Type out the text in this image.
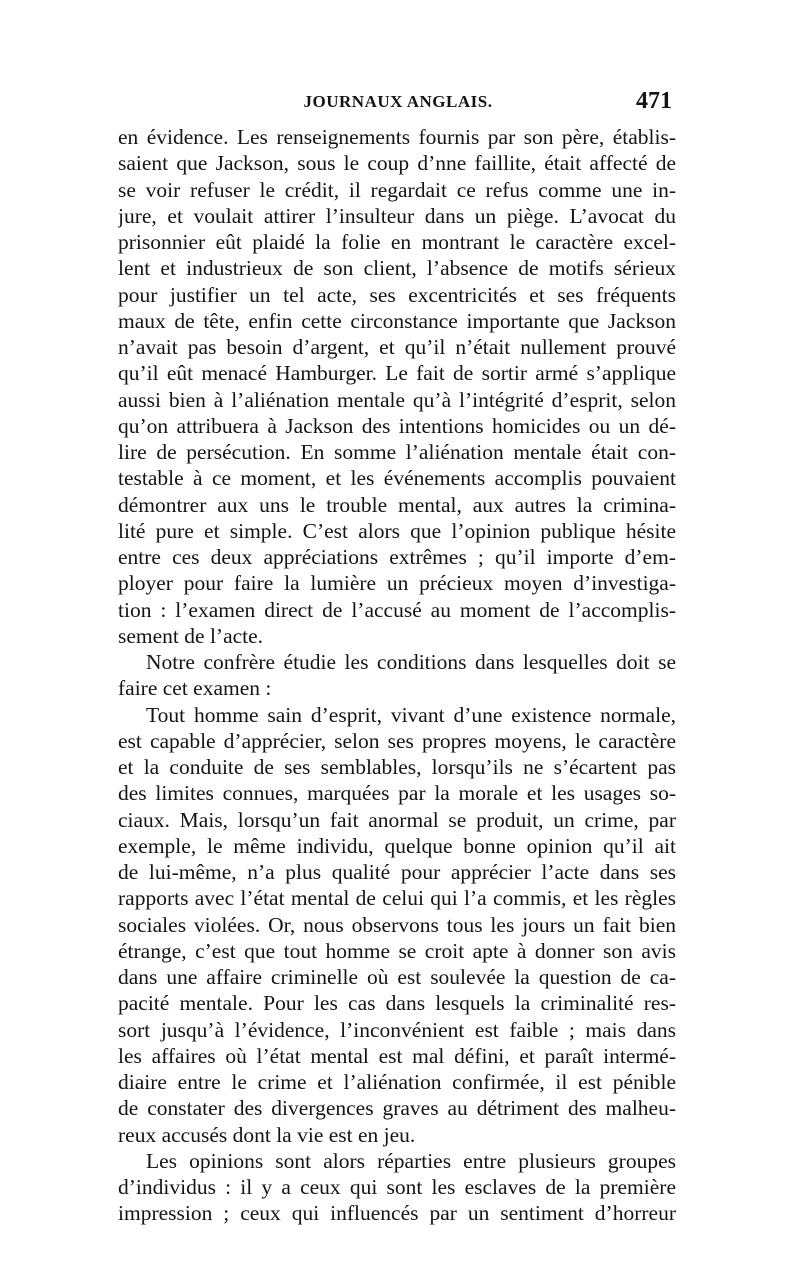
JOURNAUX ANGLAIS.	471
en évidence. Les renseignements fournis par son père, établis-
saient que Jackson, sous le coup d’nne faillite, était affecté de
se voir refuser le crédit, il regardait ce refus comme une in-
jure, et voulait attirer l’insulteur dans un piège. L’avocat du
prisonnier eût plaidé la folie en montrant le caractère excel-
lent et industrieux de son client, l’absence de motifs sérieux
pour justifier un tel acte, ses excentricités et ses fréquents
maux de tête, enfin cette circonstance importante que Jackson
n’avait pas besoin d’argent, et qu’il n’était nullement prouvé
qu’il eût menacé Hamburger. Le fait de sortir armé s’applique
aussi bien à l’aliénation mentale qu’à l’intégrité d’esprit, selon
qu’on attribuera à Jackson des intentions homicides ou un dé-
lire de persécution. En somme l’aliénation mentale était con-
testable à ce moment, et les événements accomplis pouvaient
démontrer aux uns le trouble mental, aux autres la crimina-
lité pure et simple. C’est alors que l’opinion publique hésite
entre ces deux appréciations extrêmes ; qu’il importe d’em-
ployer pour faire la lumière un précieux moyen d’investiga-
tion : l’examen direct de l’accusé au moment de l’accomplis-
sement de l’acte.
Notre confrère étudie les conditions dans lesquelles doit se
faire cet examen :
Tout homme sain d’esprit, vivant d’une existence normale,
est capable d’apprécier, selon ses propres moyens, le caractère
et la conduite de ses semblables, lorsqu’ils ne s’écartent pas
des limites connues, marquées par la morale et les usages so-
ciaux. Mais, lorsqu’un fait anormal se produit, un crime, par
exemple, le même individu, quelque bonne opinion qu’il ait
de lui-même, n’a plus qualité pour apprécier l’acte dans ses
rapports avec l’état mental de celui qui l’a commis, et les règles
sociales violées. Or, nous observons tous les jours un fait bien
étrange, c’est que tout homme se croit apte à donner son avis
dans une affaire criminelle où est soulevée la question de ca-
pacité mentale. Pour les cas dans lesquels la criminalité res-
sort jusqu’à l’évidence, l’inconvénient est faible ; mais dans
les affaires où l’état mental est mal défini, et paraît intermé-
diaire entre le crime et l’aliénation confirmée, il est pénible
de constater des divergences graves au détriment des malheu-
reux accusés dont la vie est en jeu.
Les opinions sont alors réparties entre plusieurs groupes
d’individus : il y a ceux qui sont les esclaves de la première
impression ; ceux qui influencés par un sentiment d’horreur
